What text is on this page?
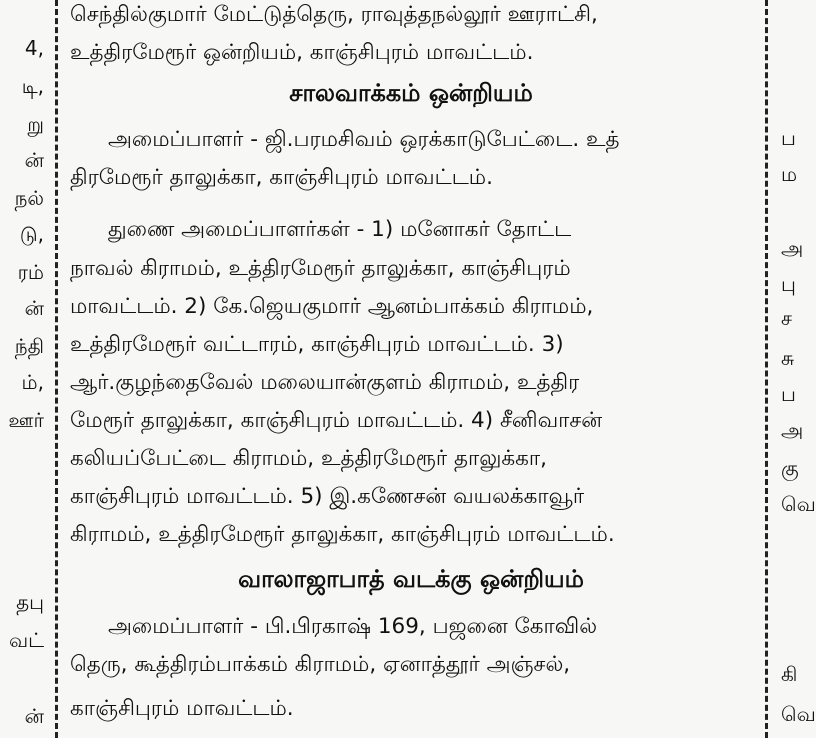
4,
டி,
று
ன்
நல்
டு,
ரம்
ன்
ந்தி
ம்,
ஊர்
தபு
வட்
ன்
ப
ம
அ
பு
ச
சு
ப
அ
கு
வெ
கி
வெ
செந்தில்குமார் மேட்டுத்தெரு, ராவுத்தநல்லூர் ஊராட்சி,
உத்திரமேரூர் ஒன்றியம், காஞ்சிபுரம் மாவட்டம்.
சாலவாக்கம் ஒன்றியம்
அமைப்பாளர் - ஜி.பரமசிவம் ஒரக்காடுபேட்டை. உத்
திரமேரூர் தாலுக்கா, காஞ்சிபுரம் மாவட்டம்.
துணை அமைப்பாளர்கள் - 1) மனோகர் தோட்ட
நாவல் கிராமம், உத்திரமேரூர் தாலுக்கா, காஞ்சிபுரம்
மாவட்டம். 2) கே.ஜெயகுமார் ஆனம்பாக்கம் கிராமம்,
உத்திரமேரூர் வட்டாரம், காஞ்சிபுரம் மாவட்டம். 3)
ஆர்.குழந்தைவேல் மலையான்குளம் கிராமம், உத்திர
மேரூர் தாலுக்கா, காஞ்சிபுரம் மாவட்டம். 4) சீனிவாசன்
கலியப்பேட்டை கிராமம், உத்திரமேரூர் தாலுக்கா,
காஞ்சிபுரம் மாவட்டம். 5) இ.கணேசன் வயலக்காவூர்
கிராமம், உத்திரமேரூர் தாலுக்கா, காஞ்சிபுரம் மாவட்டம்.
வாலாஜாபாத் வடக்கு ஒன்றியம்
அமைப்பாளர் - பி.பிரகாஷ் 169, பஜனை கோவில்
தெரு, கூத்திரம்பாக்கம் கிராமம், ஏனாத்தூர் அஞ்சல்,
காஞ்சிபுரம் மாவட்டம்.
